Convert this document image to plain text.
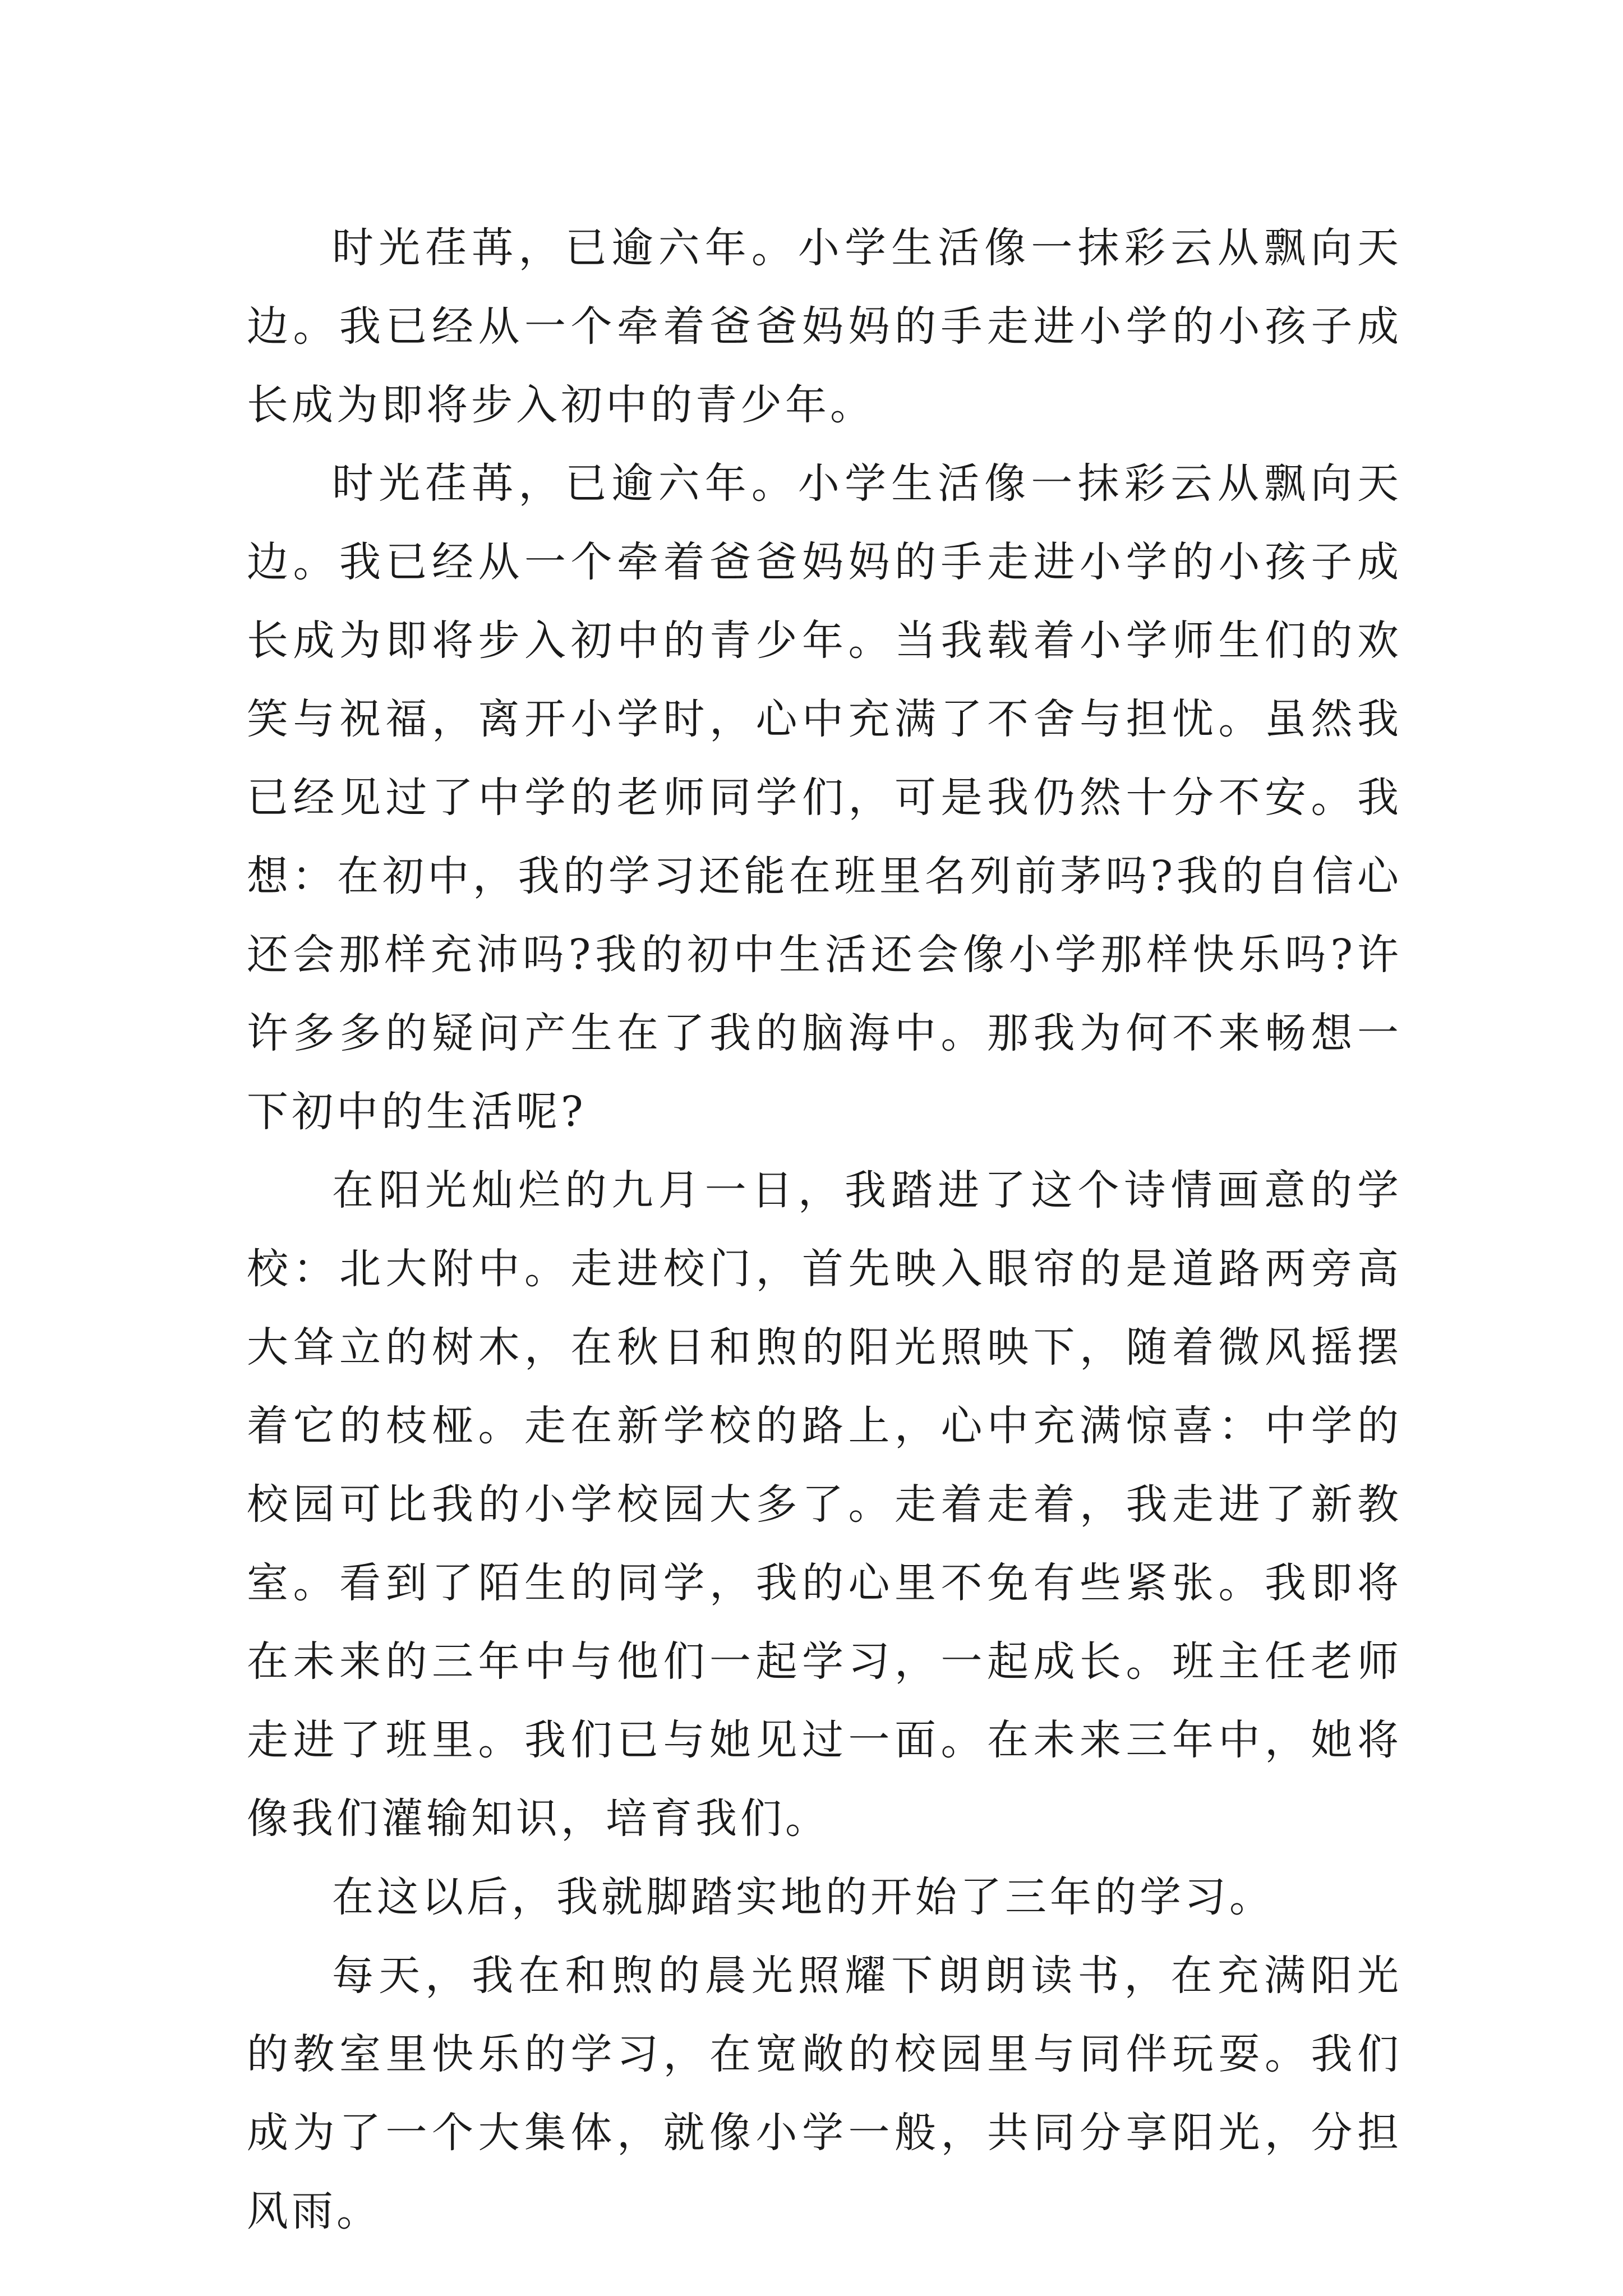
时光荏苒，已逾六年。小学生活像一抹彩云从飘向天边。我已经从一个牵着爸爸妈妈的手走进小学的小孩子成长成为即将步入初中的青少年。

时光荏苒，已逾六年。小学生活像一抹彩云从飘向天边。我已经从一个牵着爸爸妈妈的手走进小学的小孩子成长成为即将步入初中的青少年。当我载着小学师生们的欢笑与祝福，离开小学时，心中充满了不舍与担忧。虽然我已经见过了中学的老师同学们，可是我仍然十分不安。我想：在初中，我的学习还能在班里名列前茅吗?我的自信心还会那样充沛吗?我的初中生活还会像小学那样快乐吗?许许多多的疑问产生在了我的脑海中。那我为何不来畅想一下初中的生活呢?

在阳光灿烂的九月一日，我踏进了这个诗情画意的学校：北大附中。走进校门，首先映入眼帘的是道路两旁高大耸立的树木，在秋日和煦的阳光照映下，随着微风摇摆着它的枝桠。走在新学校的路上，心中充满惊喜：中学的校园可比我的小学校园大多了。走着走着，我走进了新教室。看到了陌生的同学，我的心里不免有些紧张。我即将在未来的三年中与他们一起学习，一起成长。班主任老师走进了班里。我们已与她见过一面。在未来三年中，她将像我们灌输知识，培育我们。

在这以后，我就脚踏实地的开始了三年的学习。

每天，我在和煦的晨光照耀下朗朗读书，在充满阳光的教室里快乐的学习，在宽敞的校园里与同伴玩耍。我们成为了一个大集体，就像小学一般，共同分享阳光，分担风雨。
